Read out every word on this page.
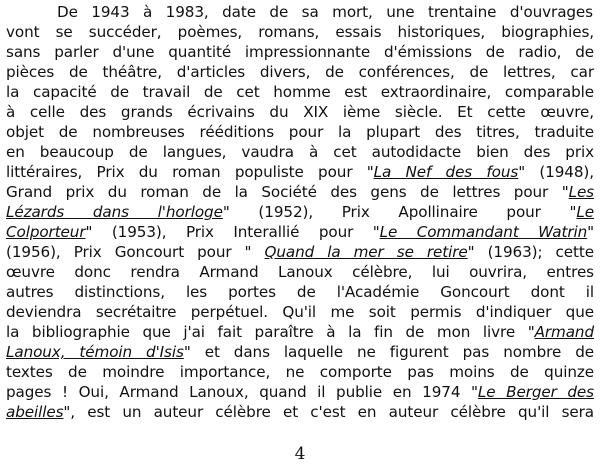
De 1943 à 1983, date de sa mort, une trentaine d'ouvrages
vont se succéder, poèmes, romans, essais historiques, biographies,
sans parler d'une quantité impressionnante d'émissions de radio, de
pièces de théâtre, d'articles divers, de conférences, de lettres, car
la capacité de travail de cet homme est extraordinaire, comparable
à celle des grands écrivains du XIX ième siècle. Et cette œuvre,
objet de nombreuses rééditions pour la plupart des titres, traduite
en beaucoup de langues, vaudra à cet autodidacte bien des prix
littéraires, Prix du roman populiste pour "La Nef des fous" (1948),
Grand prix du roman de la Société des gens de lettres pour "Les
Lézards dans l'horloge" (1952), Prix Apollinaire pour "Le
Colporteur" (1953), Prix Interallié pour "Le Commandant Watrin"
(1956), Prix Goncourt pour " Quand la mer se retire" (1963); cette
œuvre donc rendra Armand Lanoux célèbre, lui ouvrira, entres
autres distinctions, les portes de l'Académie Goncourt dont il
deviendra secrétaitre perpétuel. Qu'il me soit permis d'indiquer que
la bibliographie que j'ai fait paraître à la fin de mon livre "Armand
Lanoux, témoin d'Isis" et dans laquelle ne figurent pas nombre de
textes de moindre importance, ne comporte pas moins de quinze
pages ! Oui, Armand Lanoux, quand il publie en 1974 "Le Berger des
abeilles", est un auteur célèbre et c'est en auteur célèbre qu'il sera
4
